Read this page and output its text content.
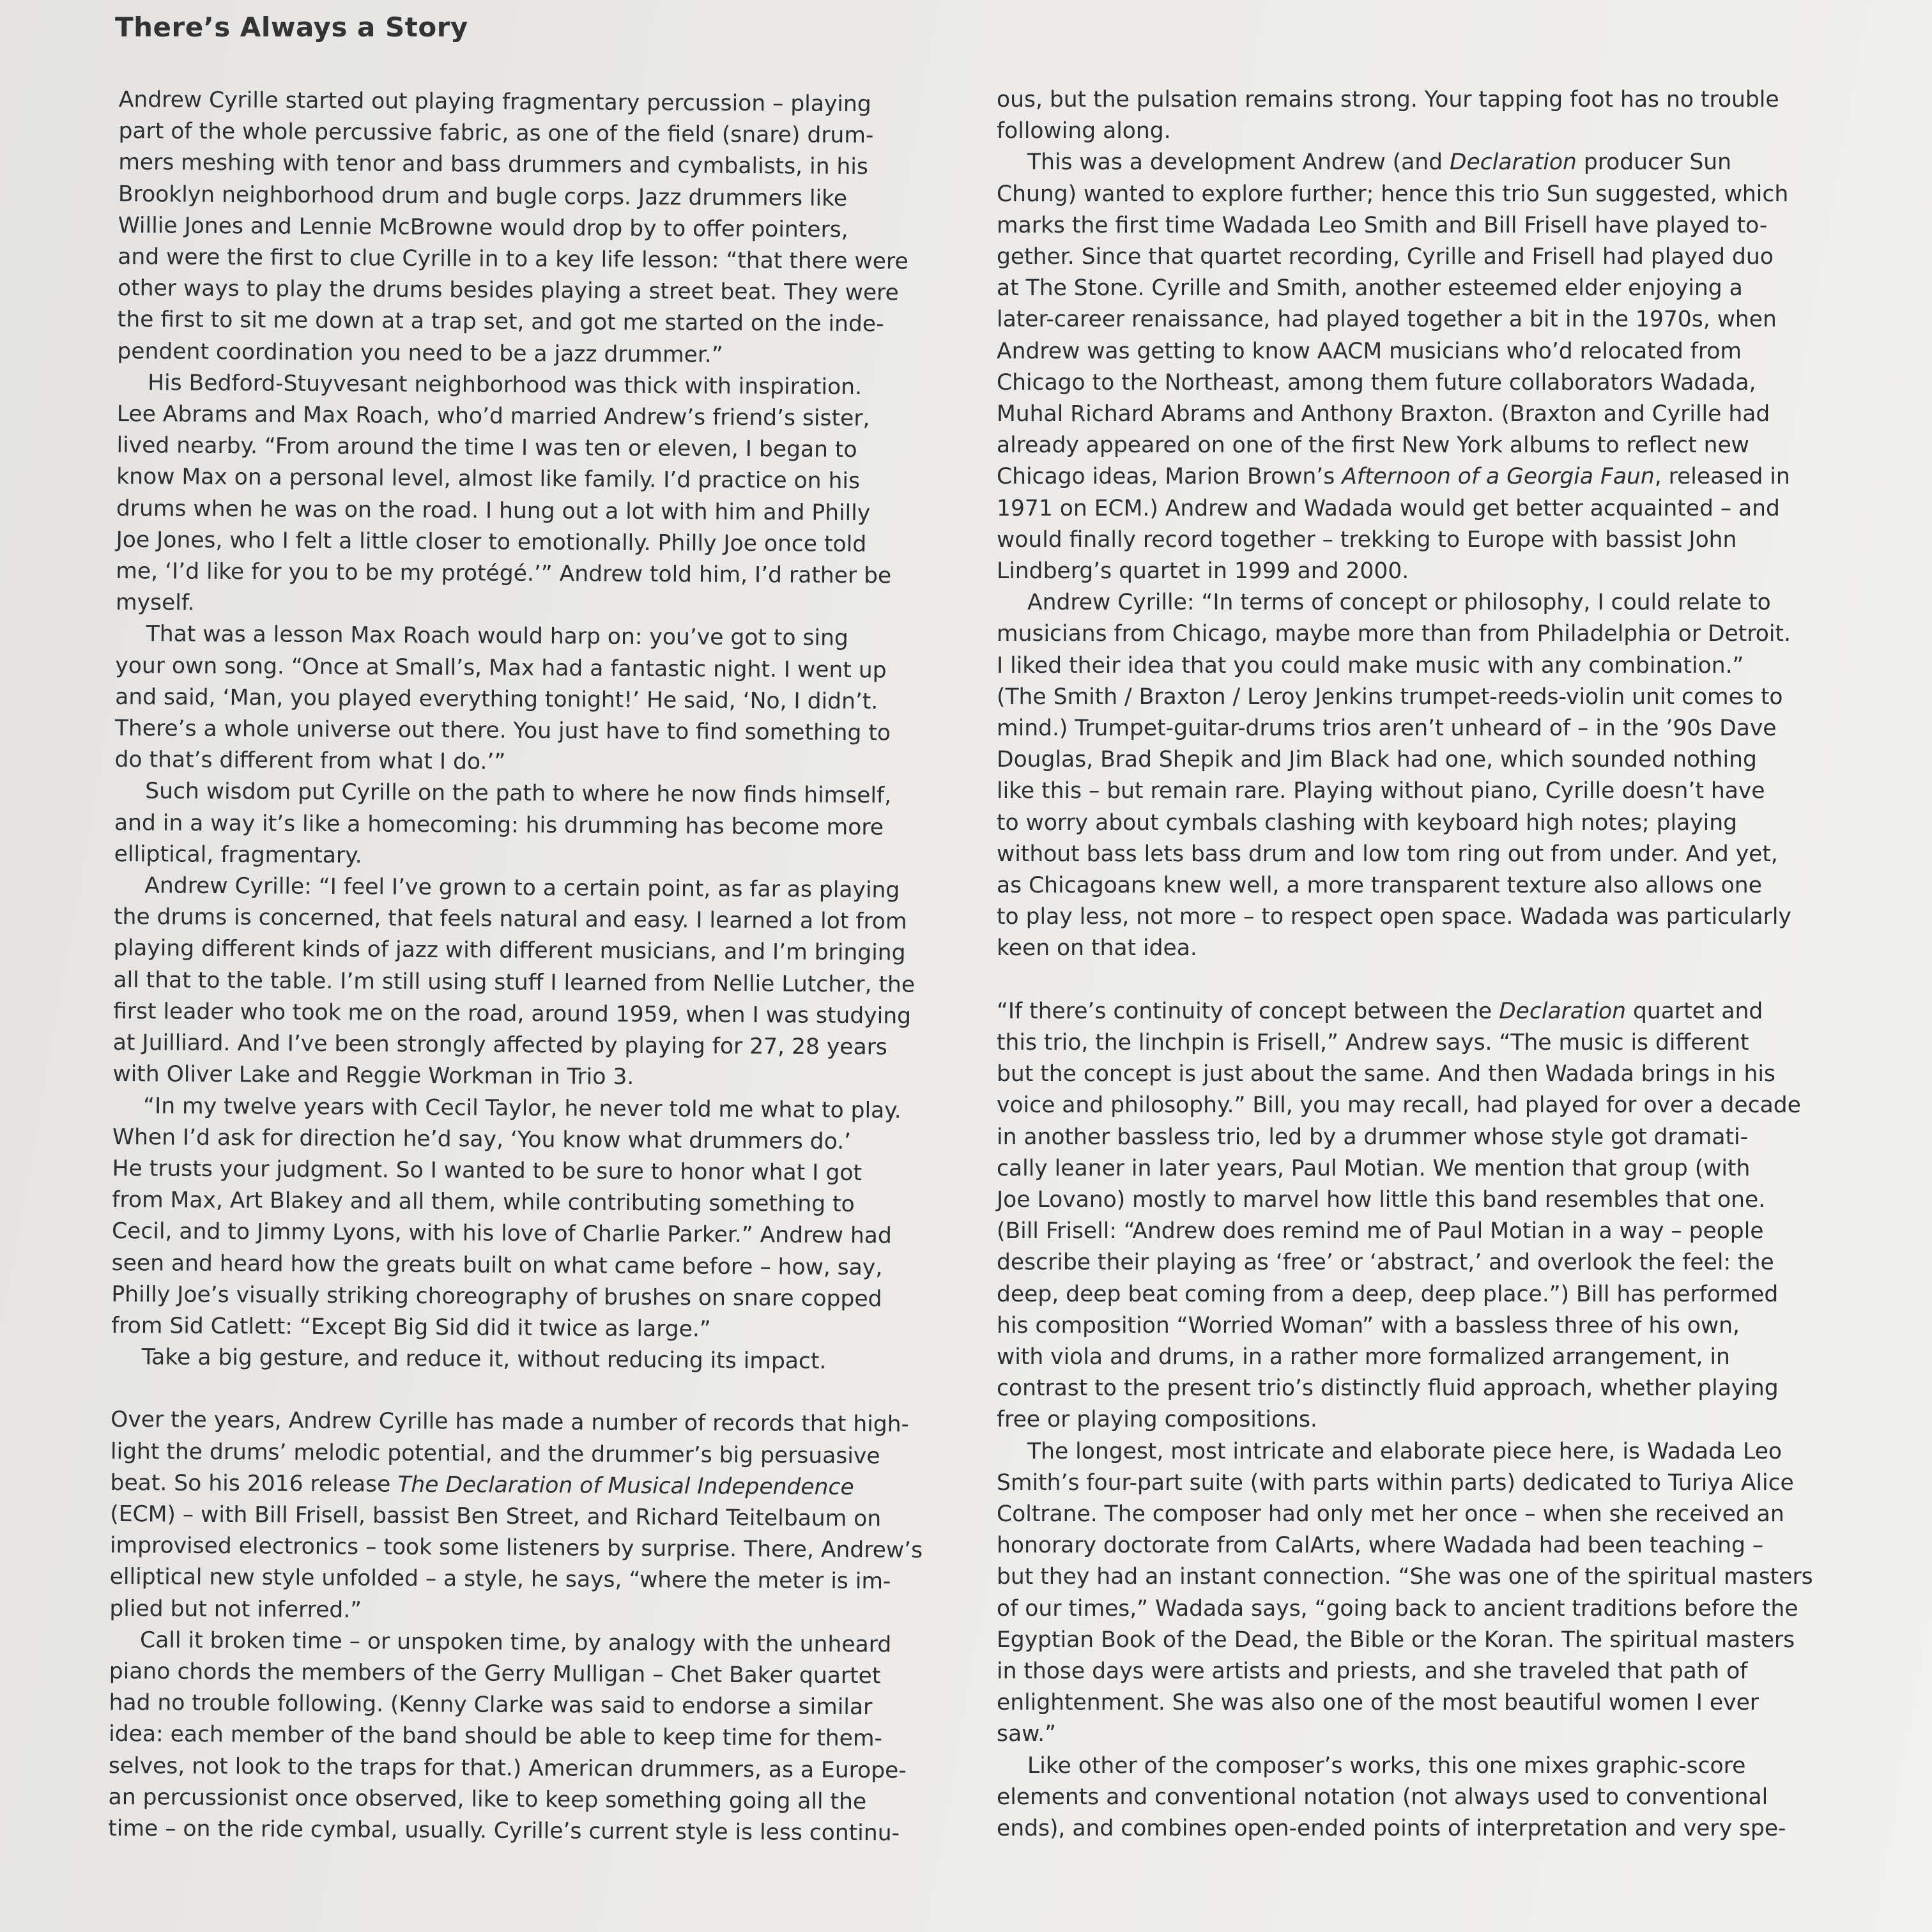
There’s Always a Story
Andrew Cyrille started out playing fragmentary percussion – playing
part of the whole percussive fabric, as one of the field (snare) drum-
mers meshing with tenor and bass drummers and cymbalists, in his
Brooklyn neighborhood drum and bugle corps. Jazz drummers like
Willie Jones and Lennie McBrowne would drop by to offer pointers,
and were the first to clue Cyrille in to a key life lesson: “that there were
other ways to play the drums besides playing a street beat. They were
the first to sit me down at a trap set, and got me started on the inde-
pendent coordination you need to be a jazz drummer.”
His Bedford-Stuyvesant neighborhood was thick with inspiration.
Lee Abrams and Max Roach, who’d married Andrew’s friend’s sister,
lived nearby. “From around the time I was ten or eleven, I began to
know Max on a personal level, almost like family. I’d practice on his
drums when he was on the road. I hung out a lot with him and Philly
Joe Jones, who I felt a little closer to emotionally. Philly Joe once told
me, ‘I’d like for you to be my protégé.’” Andrew told him, I’d rather be
myself.
That was a lesson Max Roach would harp on: you’ve got to sing
your own song. “Once at Small’s, Max had a fantastic night. I went up
and said, ‘Man, you played everything tonight!’ He said, ‘No, I didn’t.
There’s a whole universe out there. You just have to find something to
do that’s different from what I do.’”
Such wisdom put Cyrille on the path to where he now finds himself,
and in a way it’s like a homecoming: his drumming has become more
elliptical, fragmentary.
Andrew Cyrille: “I feel I’ve grown to a certain point, as far as playing
the drums is concerned, that feels natural and easy. I learned a lot from
playing different kinds of jazz with different musicians, and I’m bringing
all that to the table. I’m still using stuff I learned from Nellie Lutcher, the
first leader who took me on the road, around 1959, when I was studying
at Juilliard. And I’ve been strongly affected by playing for 27, 28 years
with Oliver Lake and Reggie Workman in Trio 3.
“In my twelve years with Cecil Taylor, he never told me what to play.
When I’d ask for direction he’d say, ‘You know what drummers do.’
He trusts your judgment. So I wanted to be sure to honor what I got
from Max, Art Blakey and all them, while contributing something to
Cecil, and to Jimmy Lyons, with his love of Charlie Parker.” Andrew had
seen and heard how the greats built on what came before – how, say,
Philly Joe’s visually striking choreography of brushes on snare copped
from Sid Catlett: “Except Big Sid did it twice as large.”
Take a big gesture, and reduce it, without reducing its impact.
Over the years, Andrew Cyrille has made a number of records that high-
light the drums’ melodic potential, and the drummer’s big persuasive
beat. So his 2016 release The Declaration of Musical Independence
(ECM) – with Bill Frisell, bassist Ben Street, and Richard Teitelbaum on
improvised electronics – took some listeners by surprise. There, Andrew’s
elliptical new style unfolded – a style, he says, “where the meter is im-
plied but not inferred.”
Call it broken time – or unspoken time, by analogy with the unheard
piano chords the members of the Gerry Mulligan – Chet Baker quartet
had no trouble following. (Kenny Clarke was said to endorse a similar
idea: each member of the band should be able to keep time for them-
selves, not look to the traps for that.) American drummers, as a Europe-
an percussionist once observed, like to keep something going all the
time – on the ride cymbal, usually. Cyrille’s current style is less continu-
ous, but the pulsation remains strong. Your tapping foot has no trouble
following along.
This was a development Andrew (and Declaration producer Sun
Chung) wanted to explore further; hence this trio Sun suggested, which
marks the first time Wadada Leo Smith and Bill Frisell have played to-
gether. Since that quartet recording, Cyrille and Frisell had played duo
at The Stone. Cyrille and Smith, another esteemed elder enjoying a
later-career renaissance, had played together a bit in the 1970s, when
Andrew was getting to know AACM musicians who’d relocated from
Chicago to the Northeast, among them future collaborators Wadada,
Muhal Richard Abrams and Anthony Braxton. (Braxton and Cyrille had
already appeared on one of the first New York albums to reflect new
Chicago ideas, Marion Brown’s Afternoon of a Georgia Faun, released in
1971 on ECM.) Andrew and Wadada would get better acquainted – and
would finally record together – trekking to Europe with bassist John
Lindberg’s quartet in 1999 and 2000.
Andrew Cyrille: “In terms of concept or philosophy, I could relate to
musicians from Chicago, maybe more than from Philadelphia or Detroit.
I liked their idea that you could make music with any combination.”
(The Smith / Braxton / Leroy Jenkins trumpet-reeds-violin unit comes to
mind.) Trumpet-guitar-drums trios aren’t unheard of – in the ’90s Dave
Douglas, Brad Shepik and Jim Black had one, which sounded nothing
like this – but remain rare. Playing without piano, Cyrille doesn’t have
to worry about cymbals clashing with keyboard high notes; playing
without bass lets bass drum and low tom ring out from under. And yet,
as Chicagoans knew well, a more transparent texture also allows one
to play less, not more – to respect open space. Wadada was particularly
keen on that idea.
“If there’s continuity of concept between the Declaration quartet and
this trio, the linchpin is Frisell,” Andrew says. “The music is different
but the concept is just about the same. And then Wadada brings in his
voice and philosophy.” Bill, you may recall, had played for over a decade
in another bassless trio, led by a drummer whose style got dramati-
cally leaner in later years, Paul Motian. We mention that group (with
Joe Lovano) mostly to marvel how little this band resembles that one.
(Bill Frisell: “Andrew does remind me of Paul Motian in a way – people
describe their playing as ‘free’ or ‘abstract,’ and overlook the feel: the
deep, deep beat coming from a deep, deep place.”) Bill has performed
his composition “Worried Woman” with a bassless three of his own,
with viola and drums, in a rather more formalized arrangement, in
contrast to the present trio’s distinctly fluid approach, whether playing
free or playing compositions.
The longest, most intricate and elaborate piece here, is Wadada Leo
Smith’s four-part suite (with parts within parts) dedicated to Turiya Alice
Coltrane. The composer had only met her once – when she received an
honorary doctorate from CalArts, where Wadada had been teaching –
but they had an instant connection. “She was one of the spiritual masters
of our times,” Wadada says, “going back to ancient traditions before the
Egyptian Book of the Dead, the Bible or the Koran. The spiritual masters
in those days were artists and priests, and she traveled that path of
enlightenment. She was also one of the most beautiful women I ever
saw.”
Like other of the composer’s works, this one mixes graphic-score
elements and conventional notation (not always used to conventional
ends), and combines open-ended points of interpretation and very spe-
